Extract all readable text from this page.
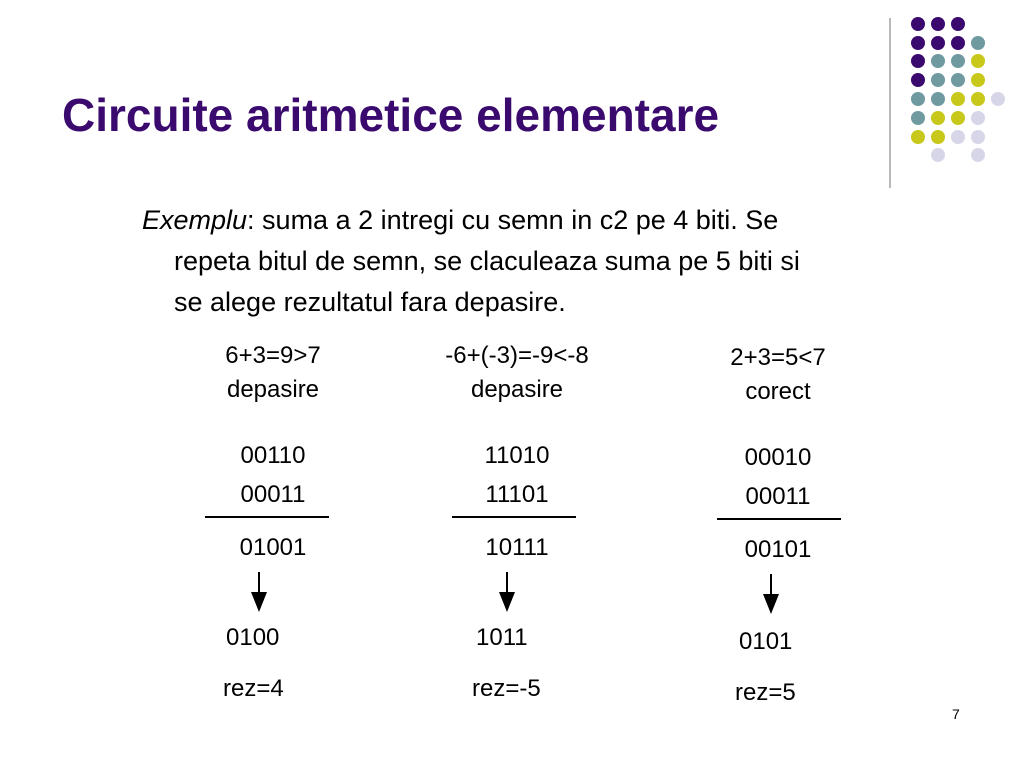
Circuite aritmetice elementare

Exemplu: suma a 2 intregi cu semn in c2 pe 4 biti. Se

repeta bitul de semn, se claculeaza suma pe 5 biti si

se alege rezultatul fara depasire.

6+3=9>7
depasire
00110
00011
01001
0100
rez=4
-6+(-3)=-9<-8
depasire
11010
11101
10111
1011
rez=-5
2+3=5<7
corect
00010
00011
00101
0101
rez=5
7
